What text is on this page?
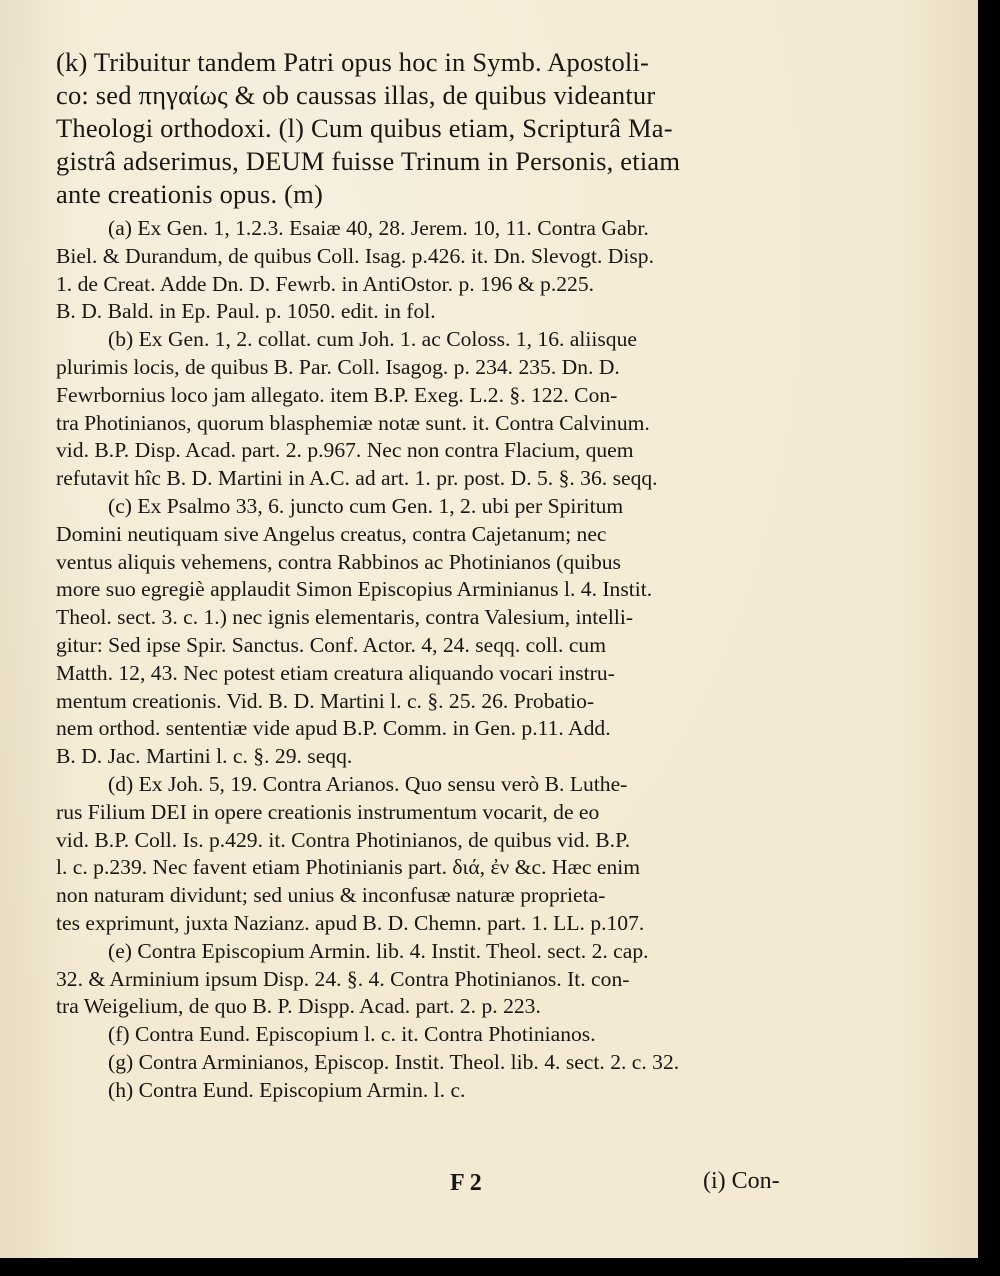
(k) Tribuitur tandem Patri opus hoc in Symb. Apostoli-
co: sed πηγαίως & ob caussas illas, de quibus videantur
Theologi orthodoxi. (l) Cum quibus etiam, Scripturâ Ma-
gistrâ adserimus, DEUM fuisse Trinum in Personis, etiam
ante creationis opus. (m)
(a) Ex Gen. 1, 1.2.3. Esaiæ 40, 28. Jerem. 10, 11. Contra Gabr.
Biel. & Durandum, de quibus Coll. Isag. p.426. it. Dn. Slevogt. Disp.
1. de Creat. Adde Dn. D. Fewrb. in AntiOstor. p. 196 & p.225.
B. D. Bald. in Ep. Paul. p. 1050. edit. in fol.
(b) Ex Gen. 1, 2. collat. cum Joh. 1. ac Coloss. 1, 16. aliisque
plurimis locis, de quibus B. Par. Coll. Isagog. p. 234. 235. Dn. D.
Fewrbornius loco jam allegato. item B.P. Exeg. L.2. §. 122. Con-
tra Photinianos, quorum blasphemiæ notæ sunt. it. Contra Calvinum.
vid. B.P. Disp. Acad. part. 2. p.967. Nec non contra Flacium, quem
refutavit hîc B. D. Martini in A.C. ad art. 1. pr. post. D. 5. §. 36. seqq.
(c) Ex Psalmo 33, 6. juncto cum Gen. 1, 2. ubi per Spiritum
Domini neutiquam sive Angelus creatus, contra Cajetanum; nec
ventus aliquis vehemens, contra Rabbinos ac Photinianos (quibus
more suo egregiè applaudit Simon Episcopius Arminianus l. 4. Instit.
Theol. sect. 3. c. 1.) nec ignis elementaris, contra Valesium, intelli-
gitur: Sed ipse Spir. Sanctus. Conf. Actor. 4, 24. seqq. coll. cum
Matth. 12, 43. Nec potest etiam creatura aliquando vocari instru-
mentum creationis. Vid. B. D. Martini l. c. §. 25. 26. Probatio-
nem orthod. sententiæ vide apud B.P. Comm. in Gen. p.11. Add.
B. D. Jac. Martini l. c. §. 29. seqq.
(d) Ex Joh. 5, 19. Contra Arianos. Quo sensu verò B. Luthe-
rus Filium DEI in opere creationis instrumentum vocarit, de eo
vid. B.P. Coll. Is. p.429. it. Contra Photinianos, de quibus vid. B.P.
l. c. p.239. Nec favent etiam Photinianis part. διά, ἐν &c. Hæc enim
non naturam dividunt; sed unius & inconfusæ naturæ proprieta-
tes exprimunt, juxta Nazianz. apud B. D. Chemn. part. 1. LL. p.107.
(e) Contra Episcopium Armin. lib. 4. Instit. Theol. sect. 2. cap.
32. & Arminium ipsum Disp. 24. §. 4. Contra Photinianos. It. con-
tra Weigelium, de quo B. P. Dispp. Acad. part. 2. p. 223.
(f) Contra Eund. Episcopium l. c. it. Contra Photinianos.
(g) Contra Arminianos, Episcop. Instit. Theol. lib. 4. sect. 2. c. 32.
(h) Contra Eund. Episcopium Armin. l. c.
F 2	(i) Con-
